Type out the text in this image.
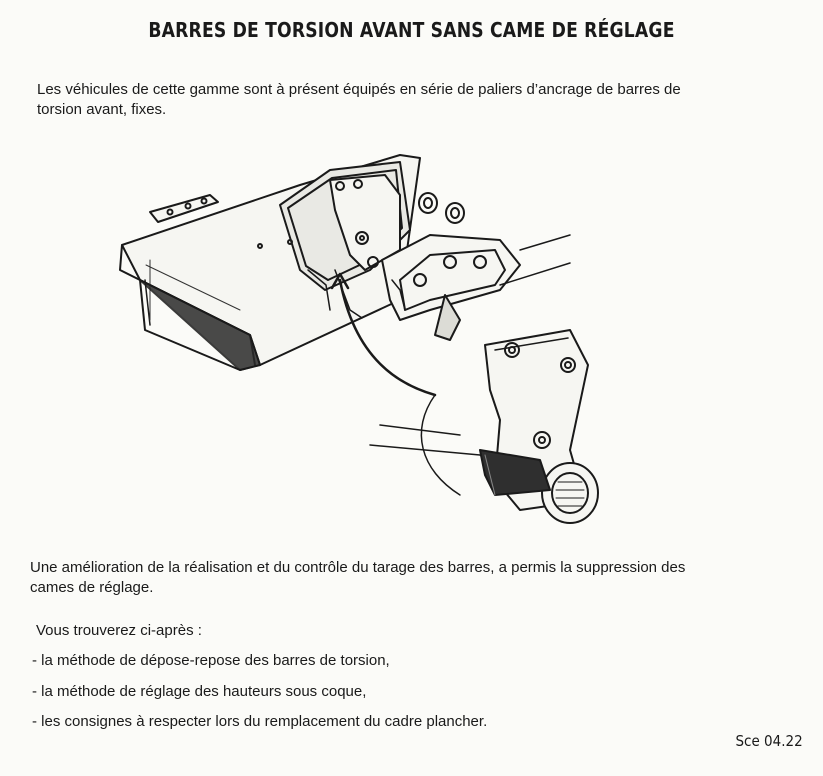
BARRES DE TORSION AVANT SANS CAME DE RÉGLAGE
Les véhicules de cette gamme sont à présent équipés en série de paliers d’ancrage de barres de torsion avant, fixes.
Une amélioration de la réalisation et du contrôle du tarage des barres, a permis la suppression des cames de réglage.
Vous trouverez ci-après :
- la méthode de dépose-repose des barres de torsion,
- la méthode de réglage des hauteurs sous coque,
- les consignes à respecter lors du remplacement du cadre plancher.
Sce 04.22
